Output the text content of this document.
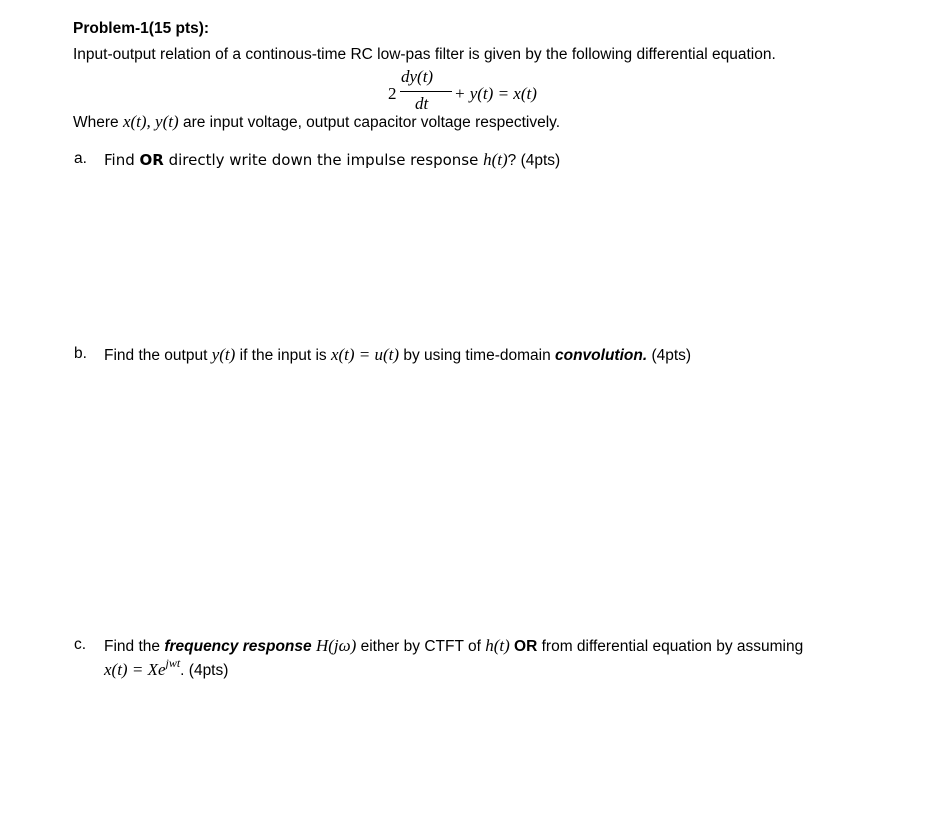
Problem-1(15 pts):
Input-output relation of a continous-time RC low-pas filter is given by the following differential equation.
2
dy(t)
dt
+ y(t) = x(t)
Where x(t), y(t) are input voltage, output capacitor voltage respectively.
a. Find OR directly write down the impulse response h(t)? (4pts)
b. Find the output y(t) if the input is x(t) = u(t) by using time-domain convolution. (4pts)
c. Find the frequency response H(jω) either by CTFT of h(t) OR from differential equation by assuming
$x(t) = Xe^{jwt}$. (4pts)
